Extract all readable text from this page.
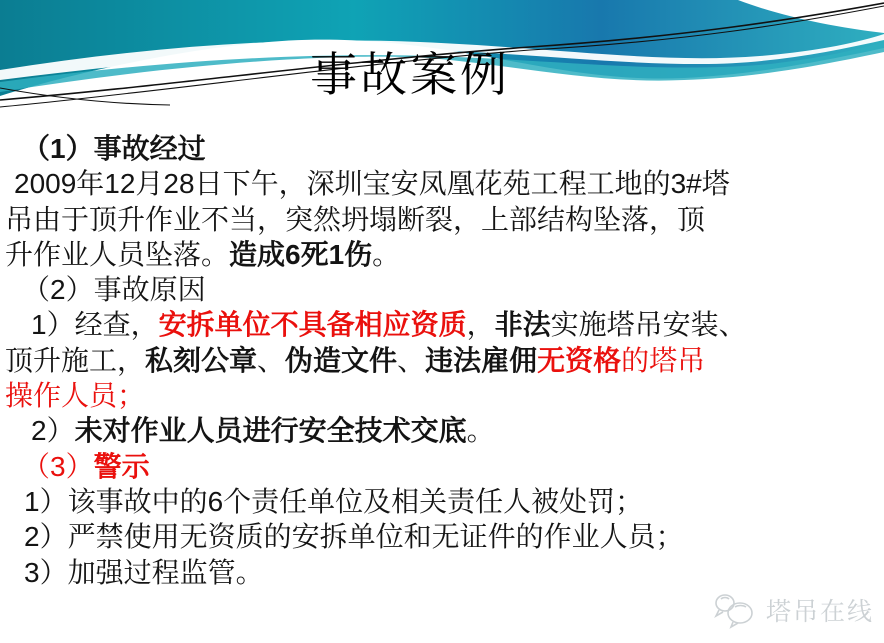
事故案例
（1）事故经过
2009年12月28日下午，深圳宝安凤凰花苑工程工地的3#塔
吊由于顶升作业不当，突然坍塌断裂，上部结构坠落，顶
升作业人员坠落。造成6死1伤。
（2）事故原因
1）经查，安拆单位不具备相应资质，非法实施塔吊安装、
顶升施工，私刻公章、伪造文件、违法雇佣无资格的塔吊
操作人员；
2）未对作业人员进行安全技术交底。
（3）警示
1）该事故中的6个责任单位及相关责任人被处罚；
2）严禁使用无资质的安拆单位和无证件的作业人员；
3）加强过程监管。
塔吊在线
